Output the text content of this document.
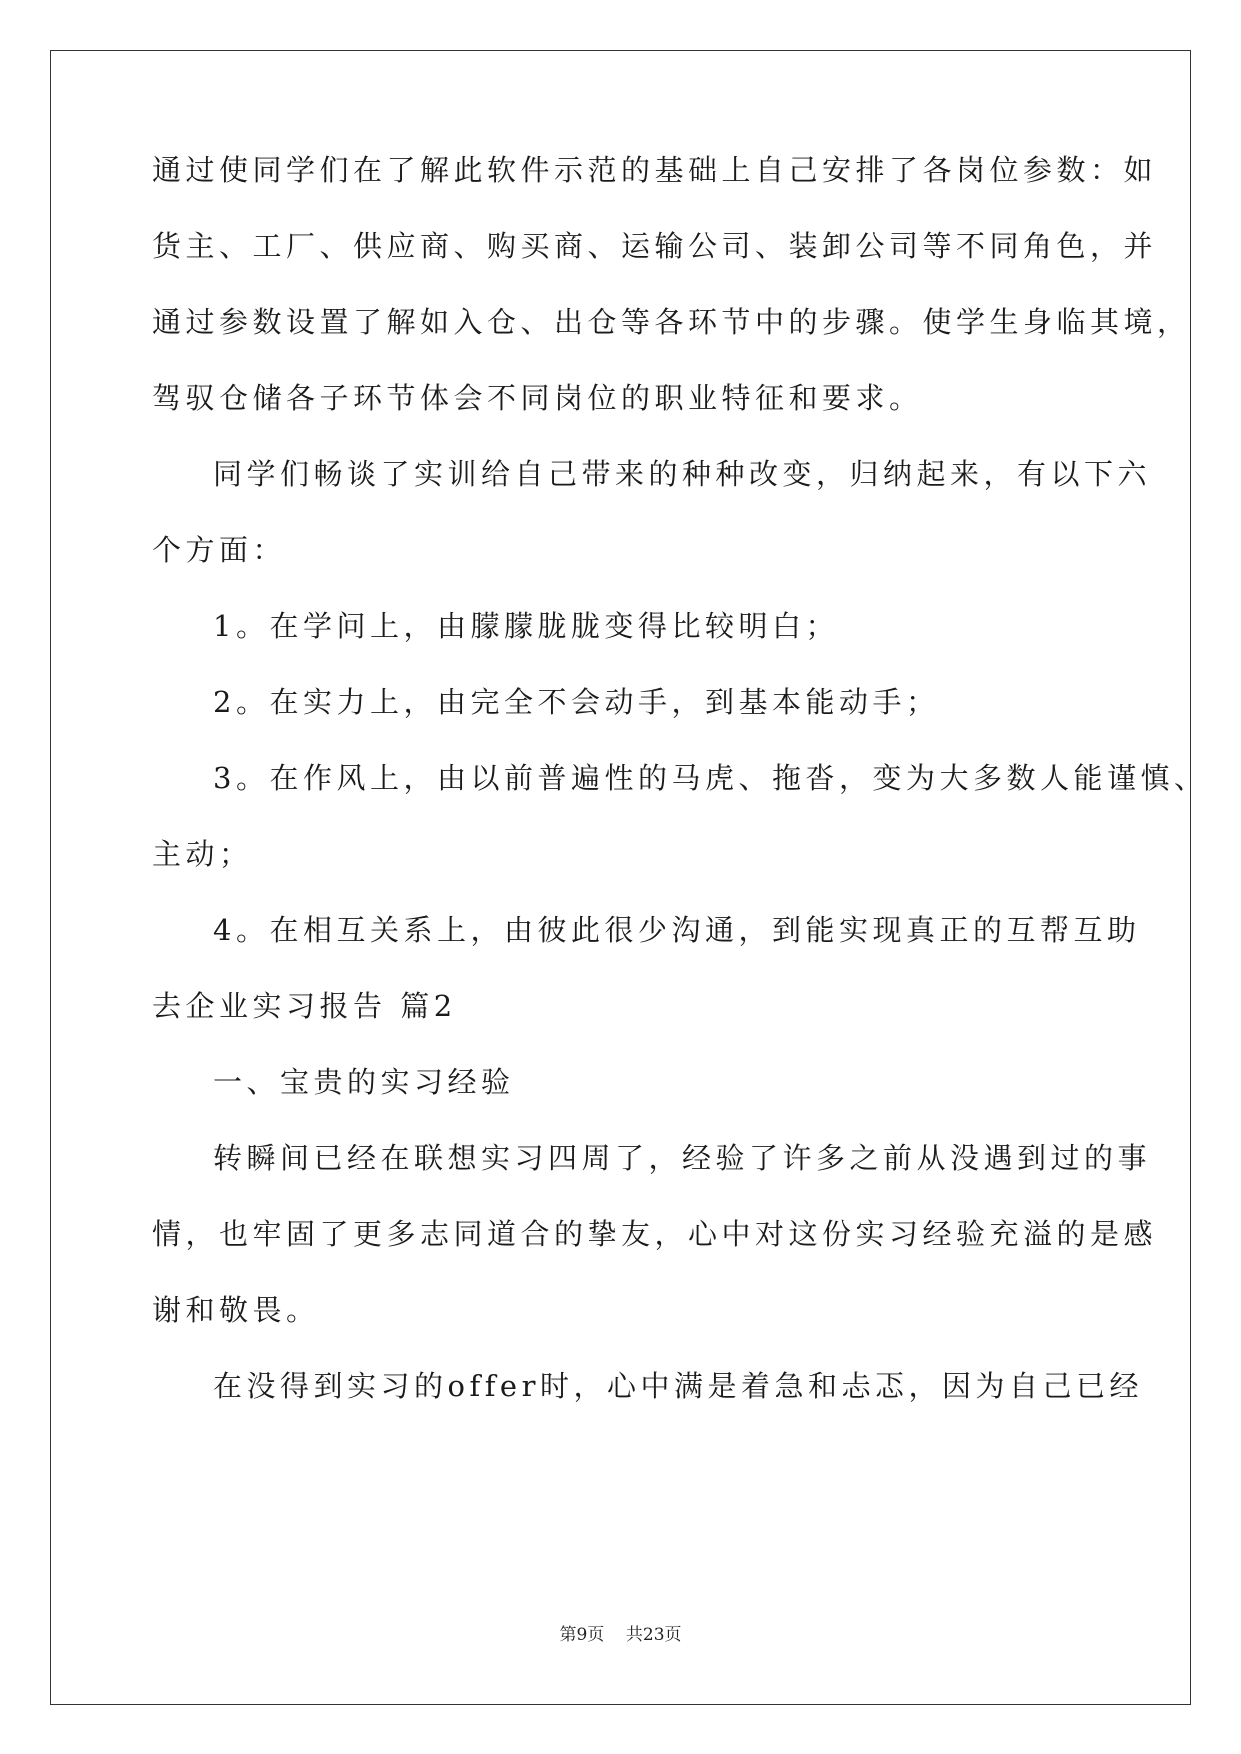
通过使同学们在了解此软件示范的基础上自己安排了各岗位参数：如
货主、工厂、供应商、购买商、运输公司、装卸公司等不同角色，并
通过参数设置了解如入仓、出仓等各环节中的步骤。使学生身临其境，
驾驭仓储各子环节体会不同岗位的职业特征和要求。
同学们畅谈了实训给自己带来的种种改变，归纳起来，有以下六
个方面：
1。在学问上，由朦朦胧胧变得比较明白；
2。在实力上，由完全不会动手，到基本能动手；
3。在作风上，由以前普遍性的马虎、拖沓，变为大多数人能谨慎、
主动；
4。在相互关系上，由彼此很少沟通，到能实现真正的互帮互助
去企业实习报告 篇2
一、宝贵的实习经验
转瞬间已经在联想实习四周了，经验了许多之前从没遇到过的事
情，也牢固了更多志同道合的挚友，心中对这份实习经验充溢的是感
谢和敬畏。
在没得到实习的offer时，心中满是着急和忐忑，因为自己已经
第9页 共23页
